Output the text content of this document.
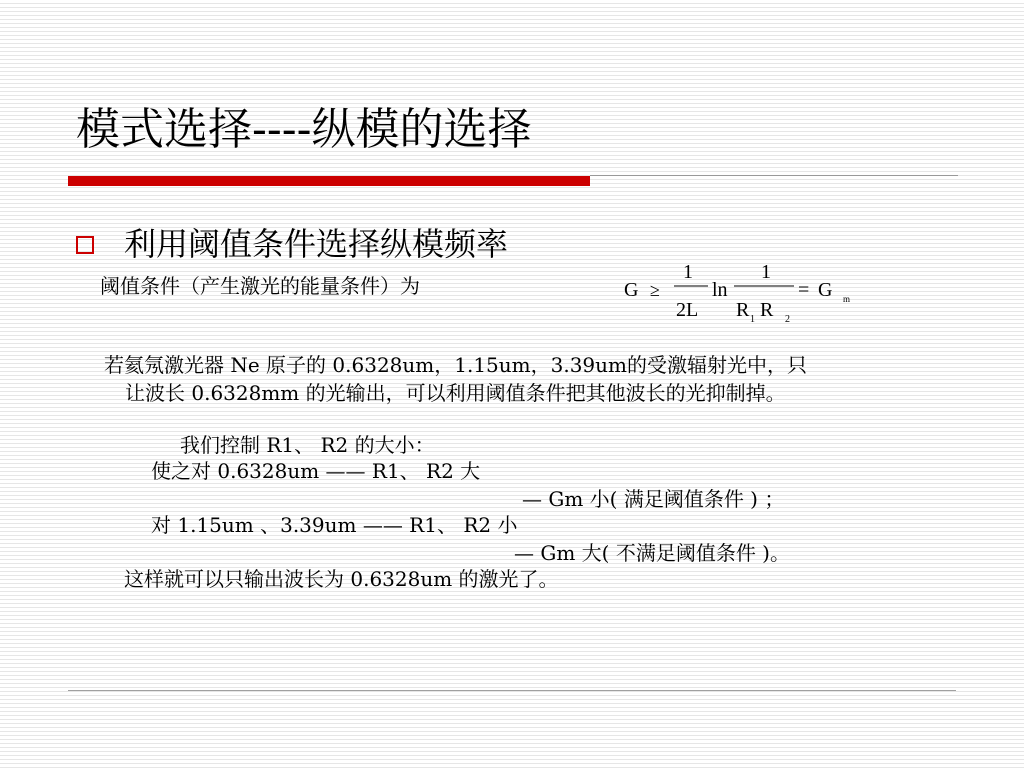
模式选择----纵模的选择
利用阈值条件选择纵模频率
阈值条件（产生激光的能量条件）为	G ≥
1
2L
ln
1
R 1 R 2
= G m
若氦氖激光器 Ne 原子的 0.6328um，1.15um，3.39um的受激辐射光中，只
让波长 0.6328mm 的光输出，可以利用阈值条件把其他波长的光抑制掉。
我们控制 R1、 R2 的大小：
使之对 0.6328um —— R1、 R2 大
— Gm 小( 满足阈值条件 ) ；
对 1.15um 、3.39um —— R1、 R2 小
— Gm 大( 不满足阈值条件 )。
这样就可以只输出波长为 0.6328um 的激光了。
